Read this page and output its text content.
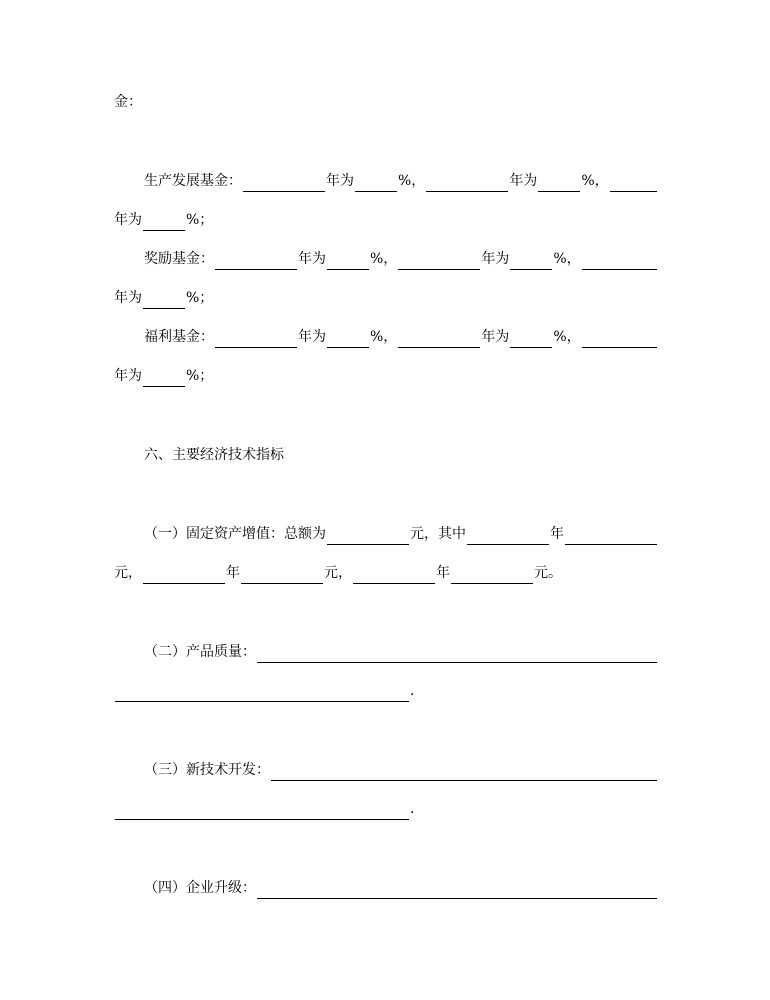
金：
生产发展基金：	年为	%，	年为	%，
年为	%；
奖励基金：	年为	%，	年为	%，
年为	%；
福利基金：	年为	%，	年为	%，
年为	%；
六、主要经济技术指标
（一）固定资产增值：总额为	元， 其中	年
元，	年	元，	年	元。
（二）产品质量：
.
（三）新技术开发：
.
（四）企业升级：
